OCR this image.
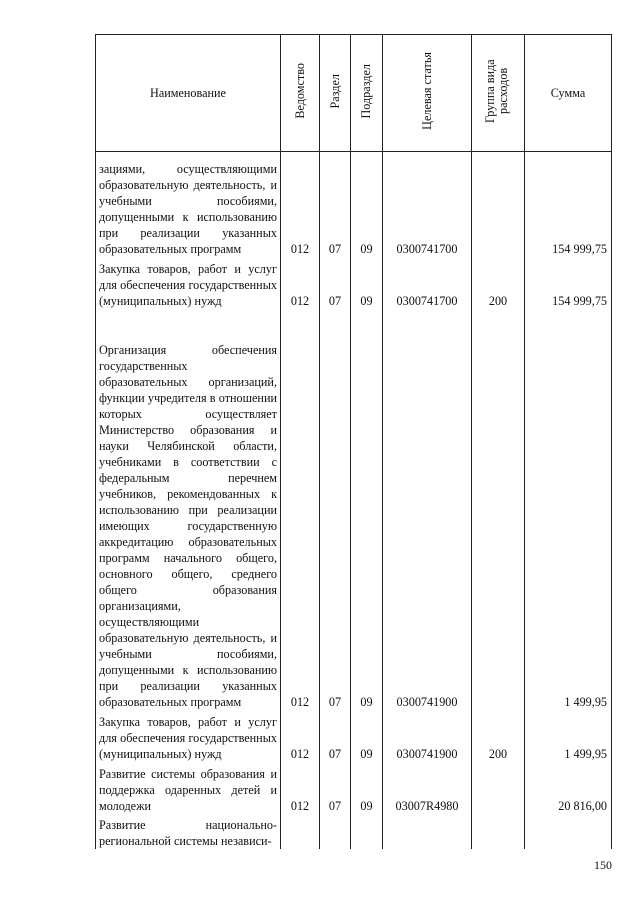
Наименование	Ведомство	Раздел	Подраздел	Целевая статья	Группа вида расходов	Сумма
зациями, осуществляющими образовательную деятельность, и учебными пособиями, допущенными к использованию при реализации указанных образовательных программ	012	07	09	0300741700		154 999,75
Закупка товаров, работ и услуг для обеспечения государственных (муниципальных) нужд	012	07	09	0300741700	200	154 999,75
Организация обеспечения государственных образовательных организаций, функции учредителя в отношении которых осуществляет Министерство образования и науки Челябинской области, учебниками в соответствии с федеральным перечнем учебников, рекомендованных к использованию при реализации имеющих государственную аккредитацию образовательных программ начального общего, основного общего, среднего общего образования организациями, осуществляющими образовательную деятельность, и учебными пособиями, допущенными к использованию при реализации указанных образовательных программ	012	07	09	0300741900		1 499,95
Закупка товаров, работ и услуг для обеспечения государственных (муниципальных) нужд	012	07	09	0300741900	200	1 499,95
Развитие системы образования и поддержка одаренных детей и молодежи	012	07	09	03007R4980		20 816,00
Развитие национально-региональной системы независи-						
150
